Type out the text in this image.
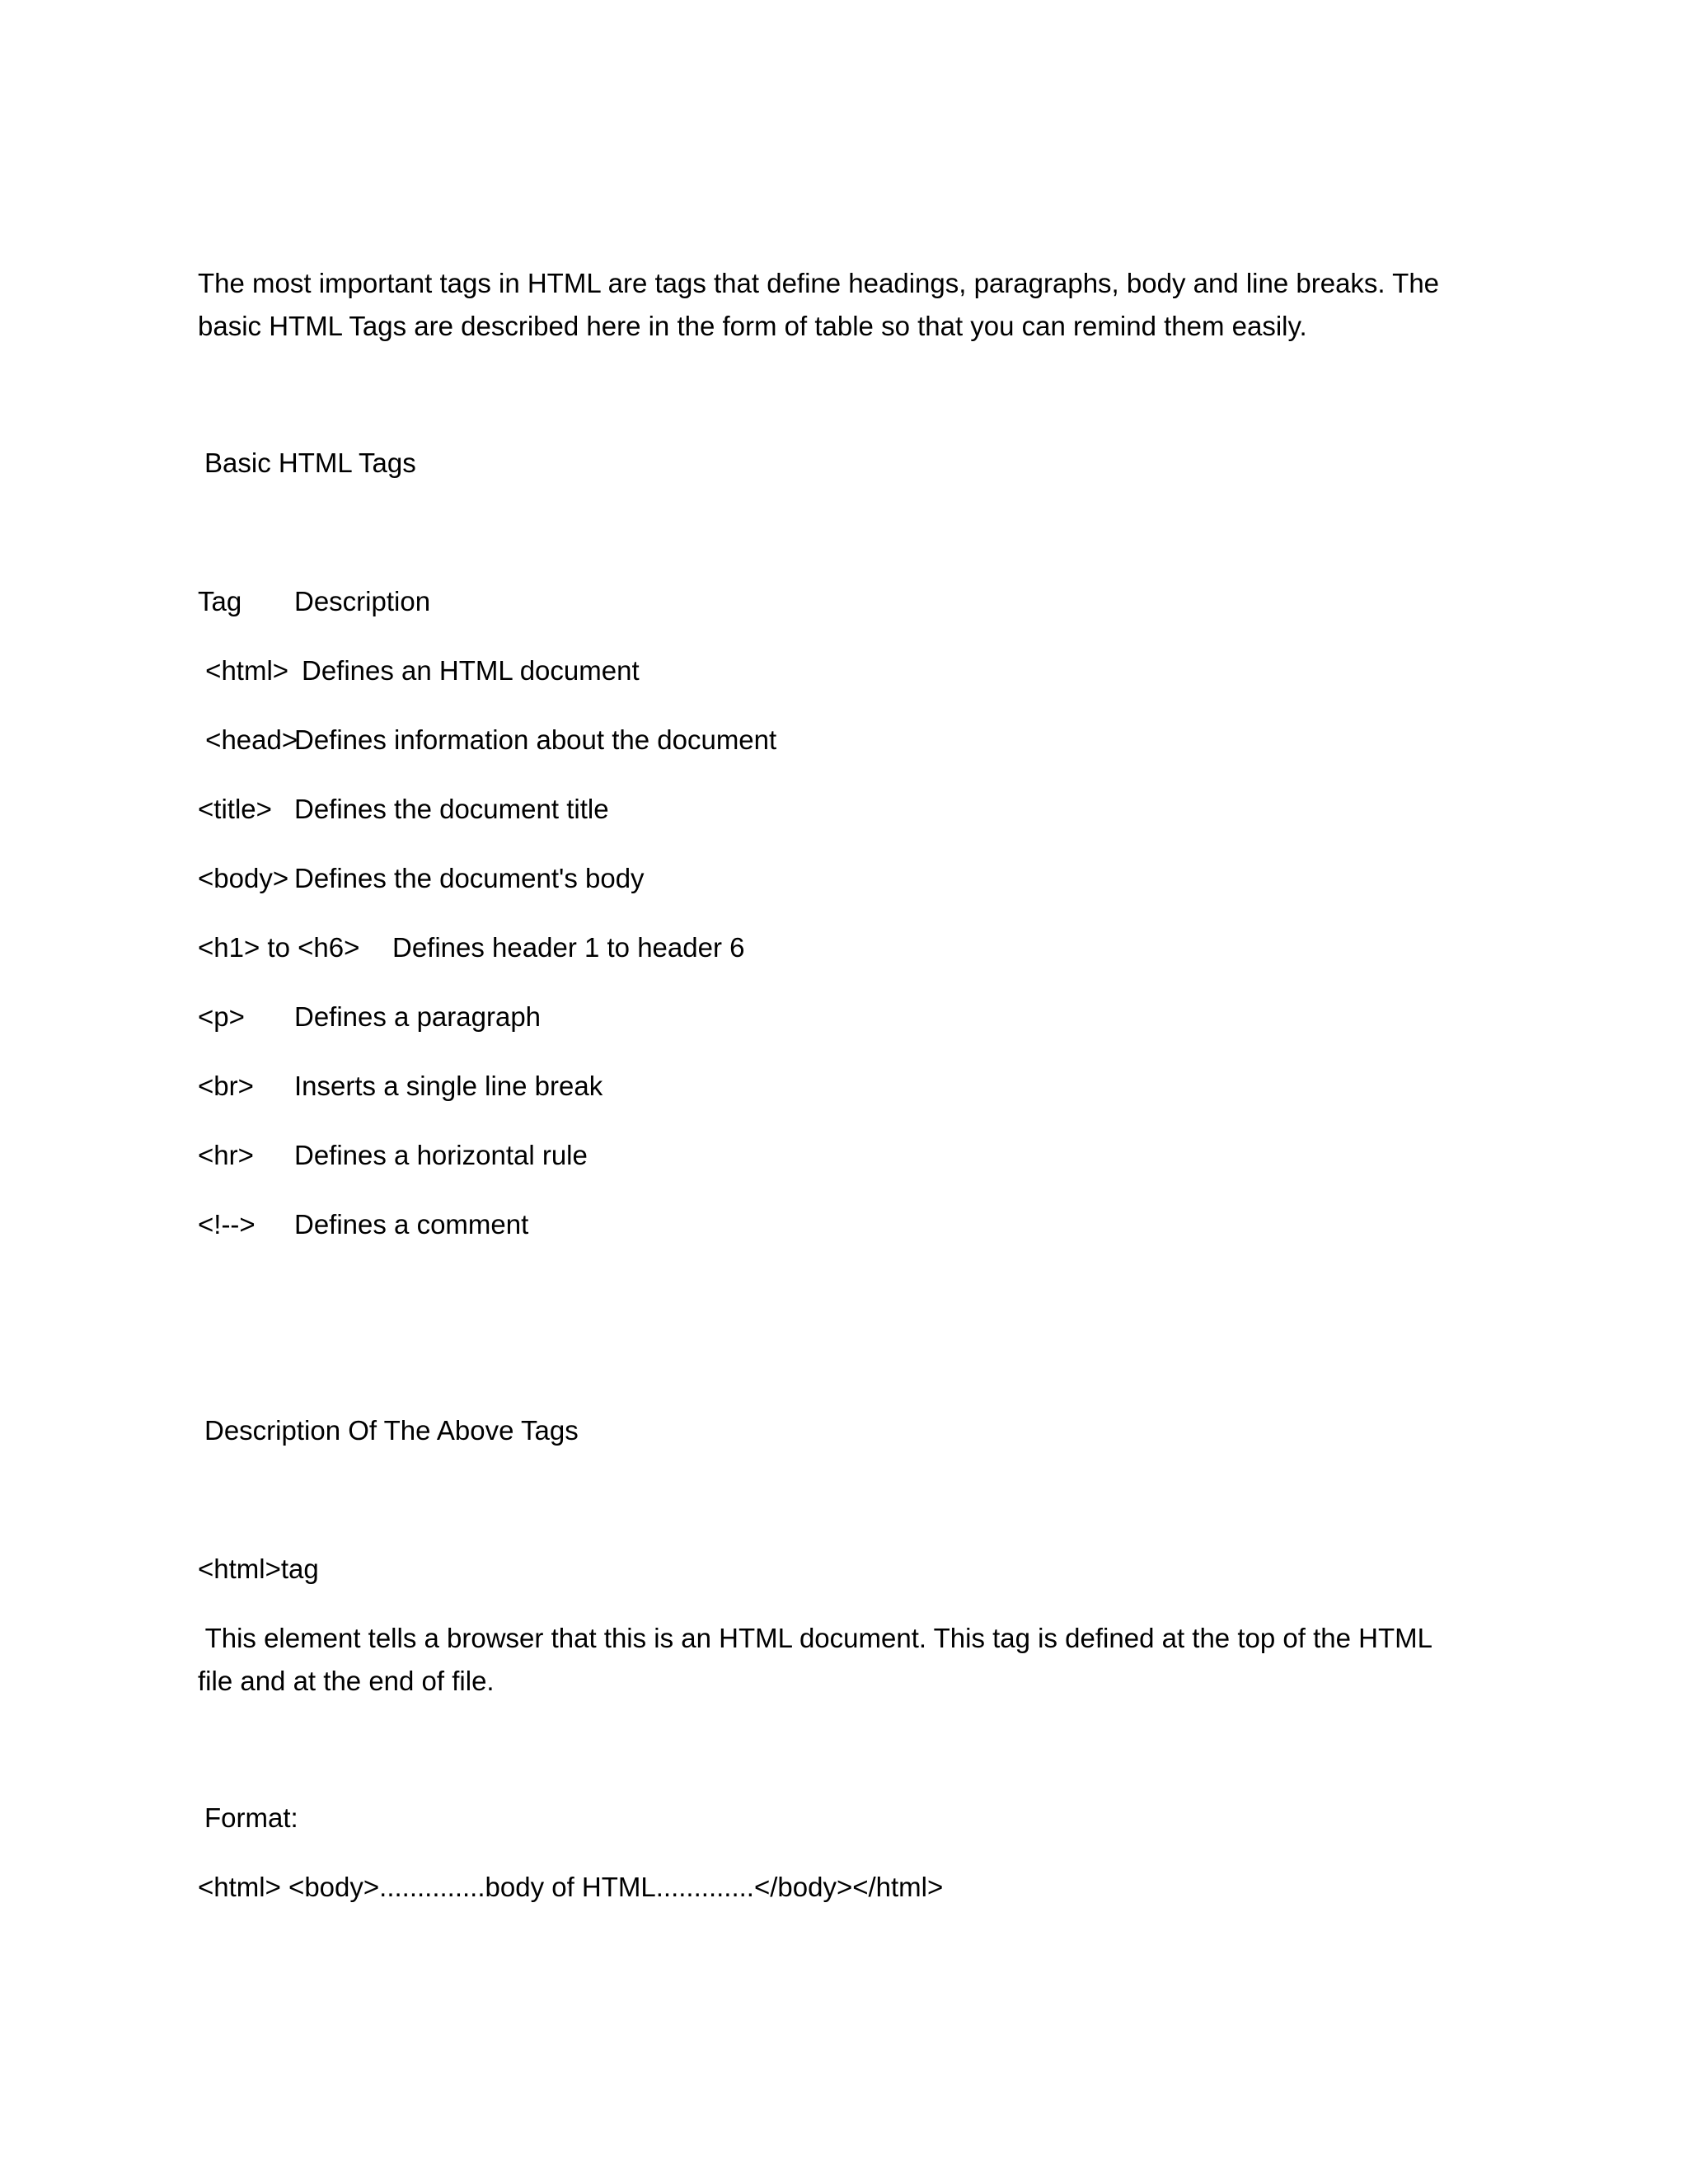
The most important tags in HTML are tags that define headings, paragraphs, body and line breaks. The
basic HTML Tags are described here in the form of table so that you can remind them easily.
Basic HTML Tags

Tag

Description

<html>

Defines an HTML document

<head>

Defines information about the document

<title>

Defines the document title

<body>

Defines the document's body

<h1> to <h6>

Defines header 1 to header 6

<p>

Defines a paragraph

<br>

Inserts a single line break

<hr>

Defines a horizontal rule

<!-->

Defines a comment

Description Of The Above Tags
<html>tag
This element tells a browser that this is an HTML document. This tag is defined at the top of the HTML
file and at the end of file.
Format:
<html> <body>..............body of HTML.............</body></html>
